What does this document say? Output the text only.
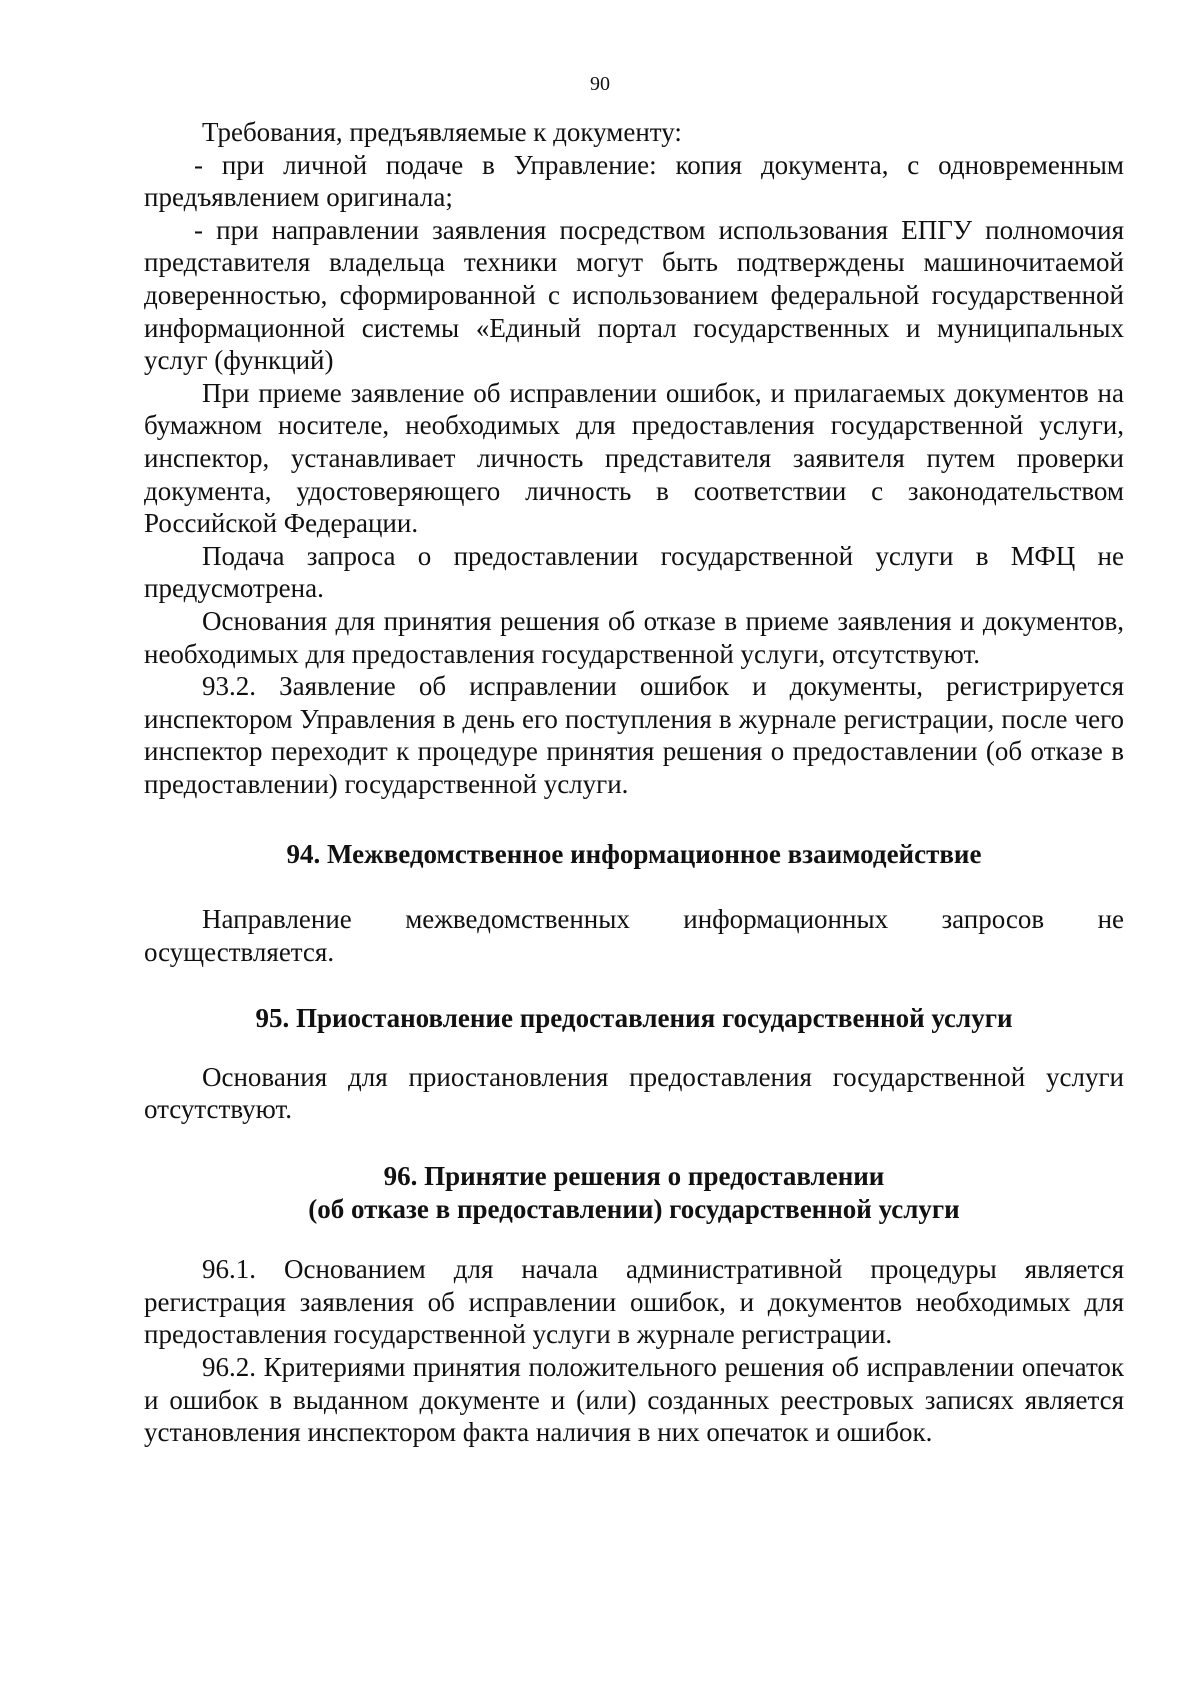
90

Требования, предъявляемые к документу:

- при личной подаче в Управление: копия документа, с одновременным предъявлением оригинала;

- при направлении заявления посредством использования ЕПГУ полномочия представителя владельца техники могут быть подтверждены машиночитаемой доверенностью, сформированной с использованием федеральной государственной информационной системы «Единый портал государственных и муниципальных услуг (функций)

При приеме заявление об исправлении ошибок, и прилагаемых документов на бумажном носителе, необходимых для предоставления государственной услуги, инспектор, устанавливает личность представителя заявителя путем проверки документа, удостоверяющего личность в соответствии с законодательством Российской Федерации.

Подача запроса о предоставлении государственной услуги в МФЦ не предусмотрена.

Основания для принятия решения об отказе в приеме заявления и документов, необходимых для предоставления государственной услуги, отсутствуют.

93.2. Заявление об исправлении ошибок и документы, регистрируется инспектором Управления в день его поступления в журнале регистрации, после чего инспектор переходит к процедуре принятия решения о предоставлении (об отказе в предоставлении) государственной услуги.

94. Межведомственное информационное взаимодействие

Направление межведомственных информационных запросов не осуществляется.

95. Приостановление предоставления государственной услуги

Основания для приостановления предоставления государственной услуги отсутствуют.

96. Принятие решения о предоставлении
(об отказе в предоставлении) государственной услуги

96.1. Основанием для начала административной процедуры является регистрация заявления об исправлении ошибок, и документов необходимых для предоставления государственной услуги в журнале регистрации.

96.2. Критериями принятия положительного решения об исправлении опечаток и ошибок в выданном документе и (или) созданных реестровых записях является установления инспектором факта наличия в них опечаток и ошибок.
